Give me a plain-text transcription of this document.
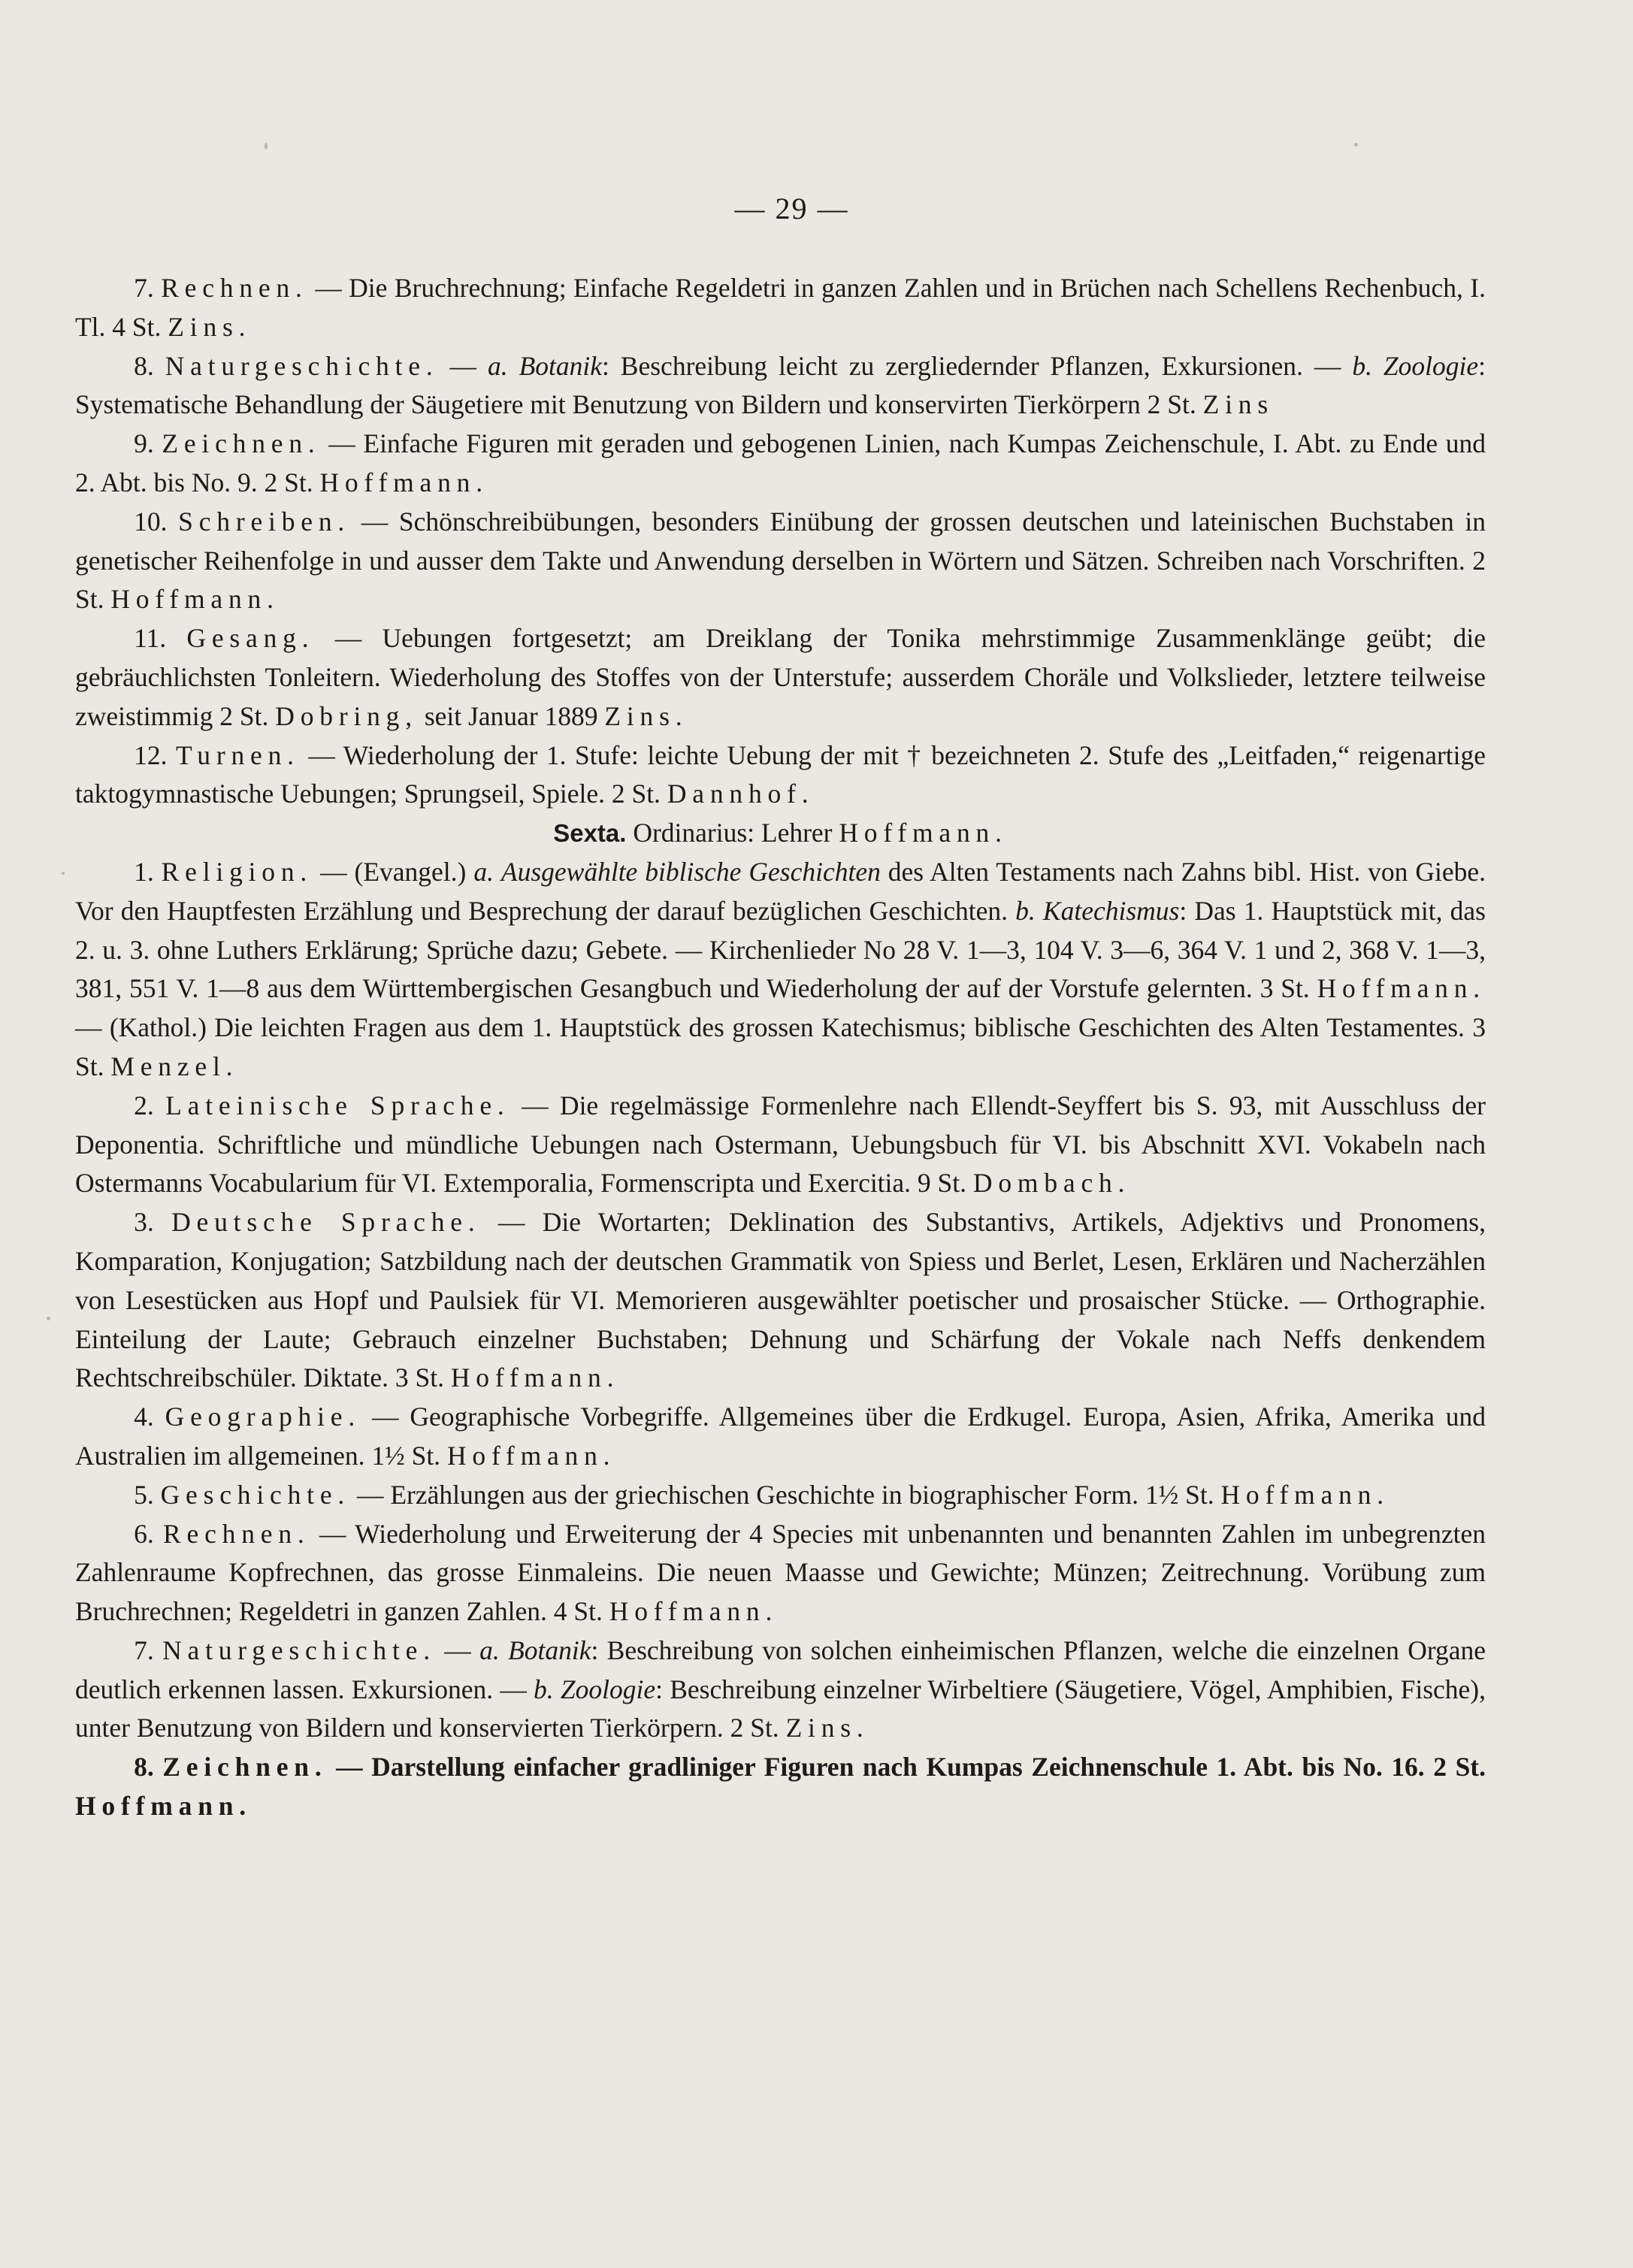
— 29 —

7. Rechnen. — Die Bruchrechnung; Einfache Regeldetri in ganzen Zahlen und in Brüchen nach Schellens Rechenbuch, I. Tl. 4 St. Zins.

8. Naturgeschichte. — a. Botanik: Beschreibung leicht zu zergliedernder Pflanzen, Exkursionen. — b. Zoologie: Systematische Behandlung der Säugetiere mit Benutzung von Bildern und konservirten Tierkörpern 2 St. Zins

9. Zeichnen. — Einfache Figuren mit geraden und gebogenen Linien, nach Kumpas Zeichenschule, I. Abt. zu Ende und 2. Abt. bis No. 9. 2 St. Hoffmann.

10. Schreiben. — Schönschreibübungen, besonders Einübung der grossen deutschen und lateinischen Buchstaben in genetischer Reihenfolge in und ausser dem Takte und Anwendung derselben in Wörtern und Sätzen. Schreiben nach Vorschriften. 2 St. Hoffmann.

11. Gesang. — Uebungen fortgesetzt; am Dreiklang der Tonika mehrstimmige Zusammenklänge geübt; die gebräuchlichsten Tonleitern. Wiederholung des Stoffes von der Unterstufe; ausserdem Choräle und Volkslieder, letztere teilweise zweistimmig 2 St. Dobring, seit Januar 1889 Zins.

12. Turnen. — Wiederholung der 1. Stufe: leichte Uebung der mit † bezeichneten 2. Stufe des „Leitfaden,“ reigenartige taktogymnastische Uebungen; Sprungseil, Spiele. 2 St. Dannhof.

Sexta. Ordinarius: Lehrer Hoffmann.

1. Religion. — (Evangel.) a. Ausgewählte biblische Geschichten des Alten Testaments nach Zahns bibl. Hist. von Giebe. Vor den Hauptfesten Erzählung und Besprechung der darauf bezüglichen Geschichten. b. Katechismus: Das 1. Hauptstück mit, das 2. u. 3. ohne Luthers Erklärung; Sprüche dazu; Gebete. — Kirchenlieder No 28 V. 1—3, 104 V. 3—6, 364 V. 1 und 2, 368 V. 1—3, 381, 551 V. 1—8 aus dem Württembergischen Gesangbuch und Wiederholung der auf der Vorstufe gelernten. 3 St. Hoffmann. — (Kathol.) Die leichten Fragen aus dem 1. Hauptstück des grossen Katechismus; biblische Geschichten des Alten Testamentes. 3 St. Menzel.

2. Lateinische Sprache. — Die regelmässige Formenlehre nach Ellendt-Seyffert bis S. 93, mit Ausschluss der Deponentia. Schriftliche und mündliche Uebungen nach Ostermann, Uebungsbuch für VI. bis Abschnitt XVI. Vokabeln nach Ostermanns Vocabularium für VI. Extemporalia, Formenscripta und Exercitia. 9 St. Dombach.

3. Deutsche Sprache. — Die Wortarten; Deklination des Substantivs, Artikels, Adjektivs und Pronomens, Komparation, Konjugation; Satzbildung nach der deutschen Grammatik von Spiess und Berlet, Lesen, Erklären und Nacherzählen von Lesestücken aus Hopf und Paulsiek für VI. Memorieren ausgewählter poetischer und prosaischer Stücke. — Orthographie. Einteilung der Laute; Gebrauch einzelner Buchstaben; Dehnung und Schärfung der Vokale nach Neffs denkendem Rechtschreibschüler. Diktate. 3 St. Hoffmann.

4. Geographie. — Geographische Vorbegriffe. Allgemeines über die Erdkugel. Europa, Asien, Afrika, Amerika und Australien im allgemeinen. 1½ St. Hoffmann.

5. Geschichte. — Erzählungen aus der griechischen Geschichte in biographischer Form. 1½ St. Hoffmann.

6. Rechnen. — Wiederholung und Erweiterung der 4 Species mit unbenannten und benannten Zahlen im unbegrenzten Zahlenraume Kopfrechnen, das grosse Einmaleins. Die neuen Maasse und Gewichte; Münzen; Zeitrechnung. Vorübung zum Bruchrechnen; Regeldetri in ganzen Zahlen. 4 St. Hoffmann.

7. Naturgeschichte. — a. Botanik: Beschreibung von solchen einheimischen Pflanzen, welche die einzelnen Organe deutlich erkennen lassen. Exkursionen. — b. Zoologie: Beschreibung einzelner Wirbeltiere (Säugetiere, Vögel, Amphibien, Fische), unter Benutzung von Bildern und konservierten Tierkörpern. 2 St. Zins.

8. Zeichnen. — Darstellung einfacher gradliniger Figuren nach Kumpas Zeichnenschule 1. Abt. bis No. 16. 2 St. Hoffmann.
